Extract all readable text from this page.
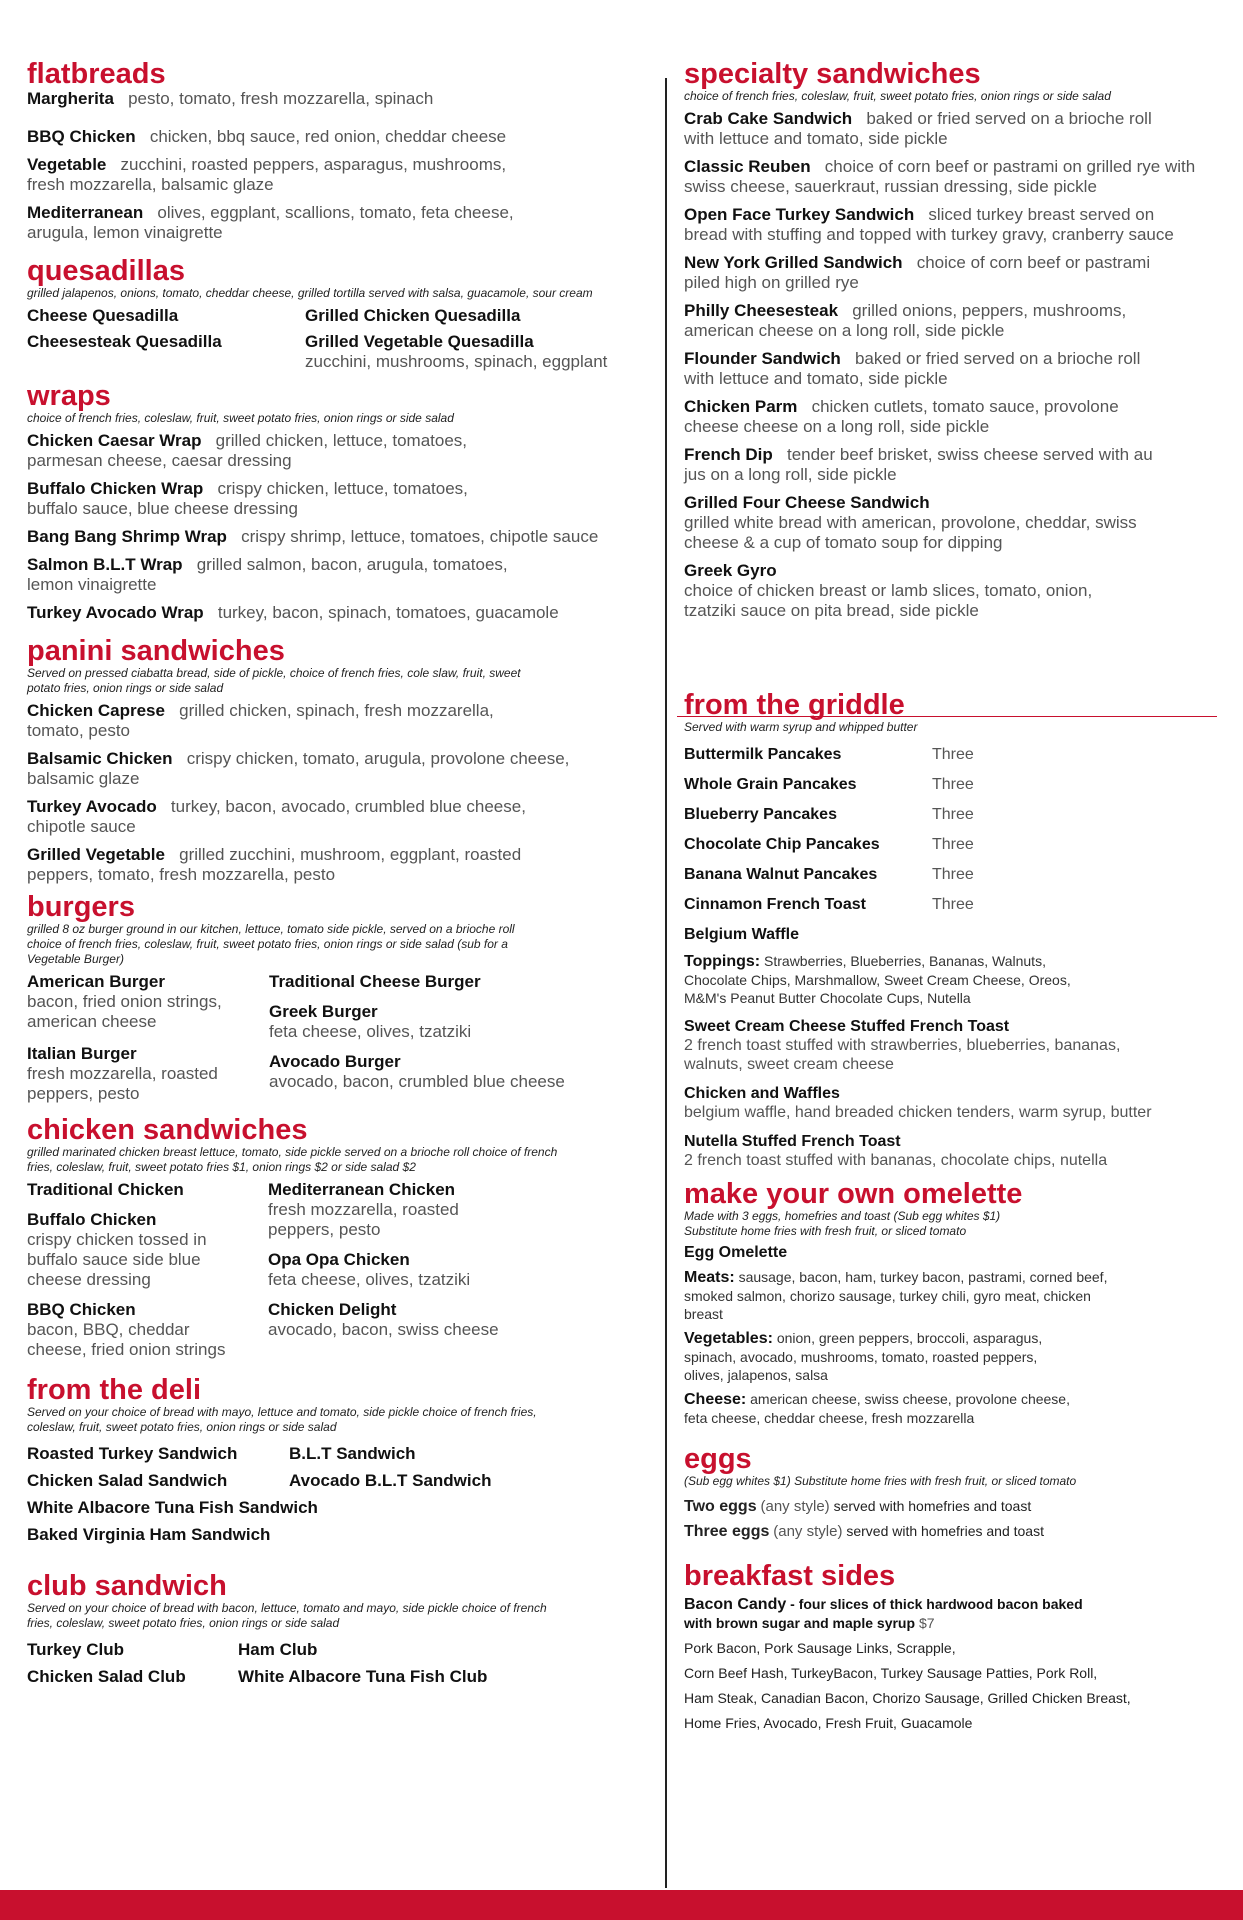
flatbreads
Margherita pesto, tomato, fresh mozzarella, spinach
BBQ Chicken chicken, bbq sauce, red onion, cheddar cheese
Vegetable zucchini, roasted peppers, asparagus, mushrooms, fresh mozzarella, balsamic glaze
Mediterranean olives, eggplant, scallions, tomato, feta cheese, arugula, lemon vinaigrette
quesadillas
grilled jalapenos, onions, tomato, cheddar cheese, grilled tortilla served with salsa, guacamole, sour cream
Cheese Quesadilla	Grilled Chicken Quesadilla
Cheesesteak Quesadilla	Grilled Vegetable Quesadilla
zucchini, mushrooms, spinach, eggplant
wraps
choice of french fries, coleslaw, fruit, sweet potato fries, onion rings or side salad
Chicken Caesar Wrap grilled chicken, lettuce, tomatoes, parmesan cheese, caesar dressing
Buffalo Chicken Wrap crispy chicken, lettuce, tomatoes, buffalo sauce, blue cheese dressing
Bang Bang Shrimp Wrap crispy shrimp, lettuce, tomatoes, chipotle sauce
Salmon B.L.T Wrap grilled salmon, bacon, arugula, tomatoes, lemon vinaigrette
Turkey Avocado Wrap turkey, bacon, spinach, tomatoes, guacamole
panini sandwiches
Served on pressed ciabatta bread, side of pickle, choice of french fries, cole slaw, fruit, sweet potato fries, onion rings or side salad
Chicken Caprese grilled chicken, spinach, fresh mozzarella, tomato, pesto
Balsamic Chicken crispy chicken, tomato, arugula, provolone cheese, balsamic glaze
Turkey Avocado turkey, bacon, avocado, crumbled blue cheese, chipotle sauce
Grilled Vegetable grilled zucchini, mushroom, eggplant, roasted peppers, tomato, fresh mozzarella, pesto
burgers
grilled 8 oz burger ground in our kitchen, lettuce, tomato side pickle, served on a brioche roll choice of french fries, coleslaw, fruit, sweet potato fries, onion rings or side salad (sub for a Vegetable Burger)
American Burger
bacon, fried onion strings, american cheese
Italian Burger
fresh mozzarella, roasted peppers, pesto
Traditional Cheese Burger
Greek Burger
feta cheese, olives, tzatziki
Avocado Burger
avocado, bacon, crumbled blue cheese
chicken sandwiches
grilled marinated chicken breast lettuce, tomato, side pickle served on a brioche roll choice of french fries, coleslaw, fruit, sweet potato fries $1, onion rings $2 or side salad $2
Traditional Chicken
Buffalo Chicken
crispy chicken tossed in buffalo sauce side blue cheese dressing
BBQ Chicken
bacon, BBQ, cheddar cheese, fried onion strings
Mediterranean Chicken
fresh mozzarella, roasted peppers, pesto
Opa Opa Chicken
feta cheese, olives, tzatziki
Chicken Delight
avocado, bacon, swiss cheese
from the deli
Served on your choice of bread with mayo, lettuce and tomato, side pickle choice of french fries, coleslaw, fruit, sweet potato fries, onion rings or side salad
Roasted Turkey Sandwich	B.L.T Sandwich
Chicken Salad Sandwich	Avocado B.L.T Sandwich
White Albacore Tuna Fish Sandwich
Baked Virginia Ham Sandwich
club sandwich
Served on your choice of bread with bacon, lettuce, tomato and mayo, side pickle choice of french fries, coleslaw, sweet potato fries, onion rings or side salad
Turkey Club	Ham Club
Chicken Salad Club	White Albacore Tuna Fish Club
specialty sandwiches
choice of french fries, coleslaw, fruit, sweet potato fries, onion rings or side salad
Crab Cake Sandwich baked or fried served on a brioche roll with lettuce and tomato, side pickle
Classic Reuben choice of corn beef or pastrami on grilled rye with swiss cheese, sauerkraut, russian dressing, side pickle
Open Face Turkey Sandwich sliced turkey breast served on bread with stuffing and topped with turkey gravy, cranberry sauce
New York Grilled Sandwich choice of corn beef or pastrami piled high on grilled rye
Philly Cheesesteak grilled onions, peppers, mushrooms, american cheese on a long roll, side pickle
Flounder Sandwich baked or fried served on a brioche roll with lettuce and tomato, side pickle
Chicken Parm chicken cutlets, tomato sauce, provolone cheese cheese on a long roll, side pickle
French Dip tender beef brisket, swiss cheese served with au jus on a long roll, side pickle
Grilled Four Cheese Sandwich
grilled white bread with american, provolone, cheddar, swiss cheese & a cup of tomato soup for dipping
Greek Gyro
choice of chicken breast or lamb slices, tomato, onion, tzatziki sauce on pita bread, side pickle
from the griddle
Served with warm syrup and whipped butter
Buttermilk Pancakes	Three
Whole Grain Pancakes	Three
Blueberry Pancakes	Three
Chocolate Chip Pancakes	Three
Banana Walnut Pancakes	Three
Cinnamon French Toast	Three
Belgium Waffle
Toppings: Strawberries, Blueberries, Bananas, Walnuts, Chocolate Chips, Marshmallow, Sweet Cream Cheese, Oreos, M&M's Peanut Butter Chocolate Cups, Nutella
Sweet Cream Cheese Stuffed French Toast
2 french toast stuffed with strawberries, blueberries, bananas, walnuts, sweet cream cheese
Chicken and Waffles
belgium waffle, hand breaded chicken tenders, warm syrup, butter
Nutella Stuffed French Toast
2 french toast stuffed with bananas, chocolate chips, nutella
make your own omelette
Made with 3 eggs, homefries and toast (Sub egg whites $1) Substitute home fries with fresh fruit, or sliced tomato
Egg Omelette
Meats: sausage, bacon, ham, turkey bacon, pastrami, corned beef, smoked salmon, chorizo sausage, turkey chili, gyro meat, chicken breast
Vegetables: onion, green peppers, broccoli, asparagus, spinach, avocado, mushrooms, tomato, roasted peppers, olives, jalapenos, salsa
Cheese: american cheese, swiss cheese, provolone cheese, feta cheese, cheddar cheese, fresh mozzarella
eggs
(Sub egg whites $1) Substitute home fries with fresh fruit, or sliced tomato
Two eggs (any style) served with homefries and toast
Three eggs (any style) served with homefries and toast
breakfast sides
Bacon Candy - four slices of thick hardwood bacon baked with brown sugar and maple syrup $7
Pork Bacon, Pork Sausage Links, Scrapple,
Corn Beef Hash, TurkeyBacon, Turkey Sausage Patties, Pork Roll,
Ham Steak, Canadian Bacon, Chorizo Sausage, Grilled Chicken Breast,
Home Fries, Avocado, Fresh Fruit, Guacamole
